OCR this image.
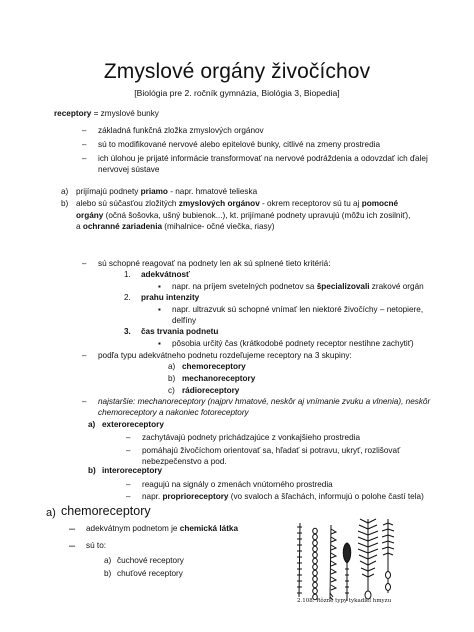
Zmyslové orgány živočíchov
[Biológia pre 2. ročník gymnázia, Biológia 3, Biopedia]
receptory = zmyslové bunky
– základná funkčná zložka zmyslových orgánov
– sú to modifikované nervové alebo epitelové bunky, citlivé na zmeny prostredia
– ich úlohou je prijaté informácie transformovať na nervové podráždenia a odovzdať ich ďalej
nervovej sústave
a) prijímajú podnety priamo - napr. hmatové telieska
b) alebo sú súčasťou zložitých zmyslových orgánov - okrem receptorov sú tu aj pomocné
orgány (očná šošovka, ušný bubienok...), kt. prijímané podnety upravujú (môžu ich zosilniť),
a ochranné zariadenia (mihalnice- očné viečka, riasy)
– sú schopné reagovať na podnety len ak sú splnené tieto kritériá:
1. adekvátnosť
▪ napr. na príjem svetelných podnetov sa špecializovali zrakové orgán
2. prahu intenzity
▪ napr. ultrazvuk sú schopné vnímať len niektoré živočíchy – netopiere,
delfíny
3. čas trvania podnetu
▪ pôsobia určitý čas (krátkodobé podnety receptor nestihne zachytiť)
– podľa typu adekvátneho podnetu rozdeľujeme receptory na 3 skupiny:
a) chemoreceptory
b) mechanoreceptory
c) rádioreceptory
– najstaršie: mechanoreceptory (najprv hmatové, neskôr aj vnímanie zvuku a vlnenia), neskôr
chemoreceptory a nakoniec fotoreceptory
a) exteroreceptory
– zachytávajú podnety prichádzajúce z vonkajšieho prostredia
– pomáhajú živočíchom orientovať sa, hľadať si potravu, ukryť, rozlišovať
nebezpečenstvo a pod.
b) interoreceptory
– reagujú na signály o zmenách vnútorného prostredia
– napr. proprioreceptory (vo svaloch a šľachách, informujú o polohe častí tela)
a) chemoreceptory
– adekvátnym podnetom je chemická látka
– sú to:
a) čuchové receptory
b) chuťové receptory
2.108. Rôzne typy tykadiel hmyzu
